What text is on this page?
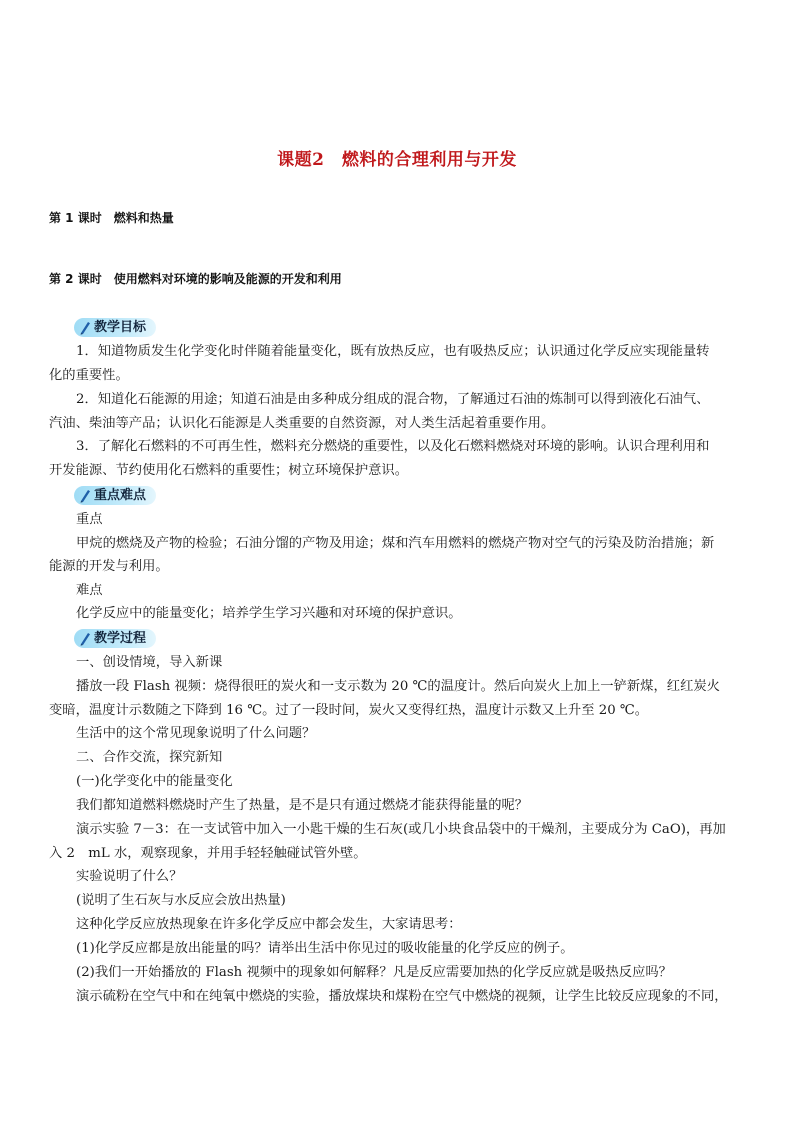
课题2　燃料的合理利用与开发
第 1 课时　燃料和热量
第 2 课时　使用燃料对环境的影响及能源的开发和利用
教学目标
1．知道物质发生化学变化时伴随着能量变化，既有放热反应，也有吸热反应；认识通过化学反应实现能量转
化的重要性。
2．知道化石能源的用途；知道石油是由多种成分组成的混合物，了解通过石油的炼制可以得到液化石油气、
汽油、柴油等产品；认识化石能源是人类重要的自然资源，对人类生活起着重要作用。
3．了解化石燃料的不可再生性，燃料充分燃烧的重要性，以及化石燃料燃烧对环境的影响。认识合理利用和
开发能源、节约使用化石燃料的重要性；树立环境保护意识。
重点难点
重点
甲烷的燃烧及产物的检验；石油分馏的产物及用途；煤和汽车用燃料的燃烧产物对空气的污染及防治措施；新
能源的开发与利用。
难点
化学反应中的能量变化；培养学生学习兴趣和对环境的保护意识。
教学过程
一、创设情境，导入新课
播放一段 Flash 视频：烧得很旺的炭火和一支示数为 20 ℃的温度计。然后向炭火上加上一铲新煤，红红炭火
变暗，温度计示数随之下降到 16 ℃。过了一段时间，炭火又变得红热，温度计示数又上升至 20 ℃。
生活中的这个常见现象说明了什么问题？
二、合作交流，探究新知
(一)化学变化中的能量变化
我们都知道燃料燃烧时产生了热量，是不是只有通过燃烧才能获得能量的呢？
演示实验 7－3：在一支试管中加入一小匙干燥的生石灰(或几小块食品袋中的干燥剂，主要成分为 CaO)，再加
入 2　mL 水，观察现象，并用手轻轻触碰试管外壁。
实验说明了什么？
(说明了生石灰与水反应会放出热量)
这种化学反应放热现象在许多化学反应中都会发生，大家请思考：
(1)化学反应都是放出能量的吗？请举出生活中你见过的吸收能量的化学反应的例子。
(2)我们一开始播放的 Flash 视频中的现象如何解释？凡是反应需要加热的化学反应就是吸热反应吗？
演示硫粉在空气中和在纯氧中燃烧的实验，播放煤块和煤粉在空气中燃烧的视频，让学生比较反应现象的不同，
